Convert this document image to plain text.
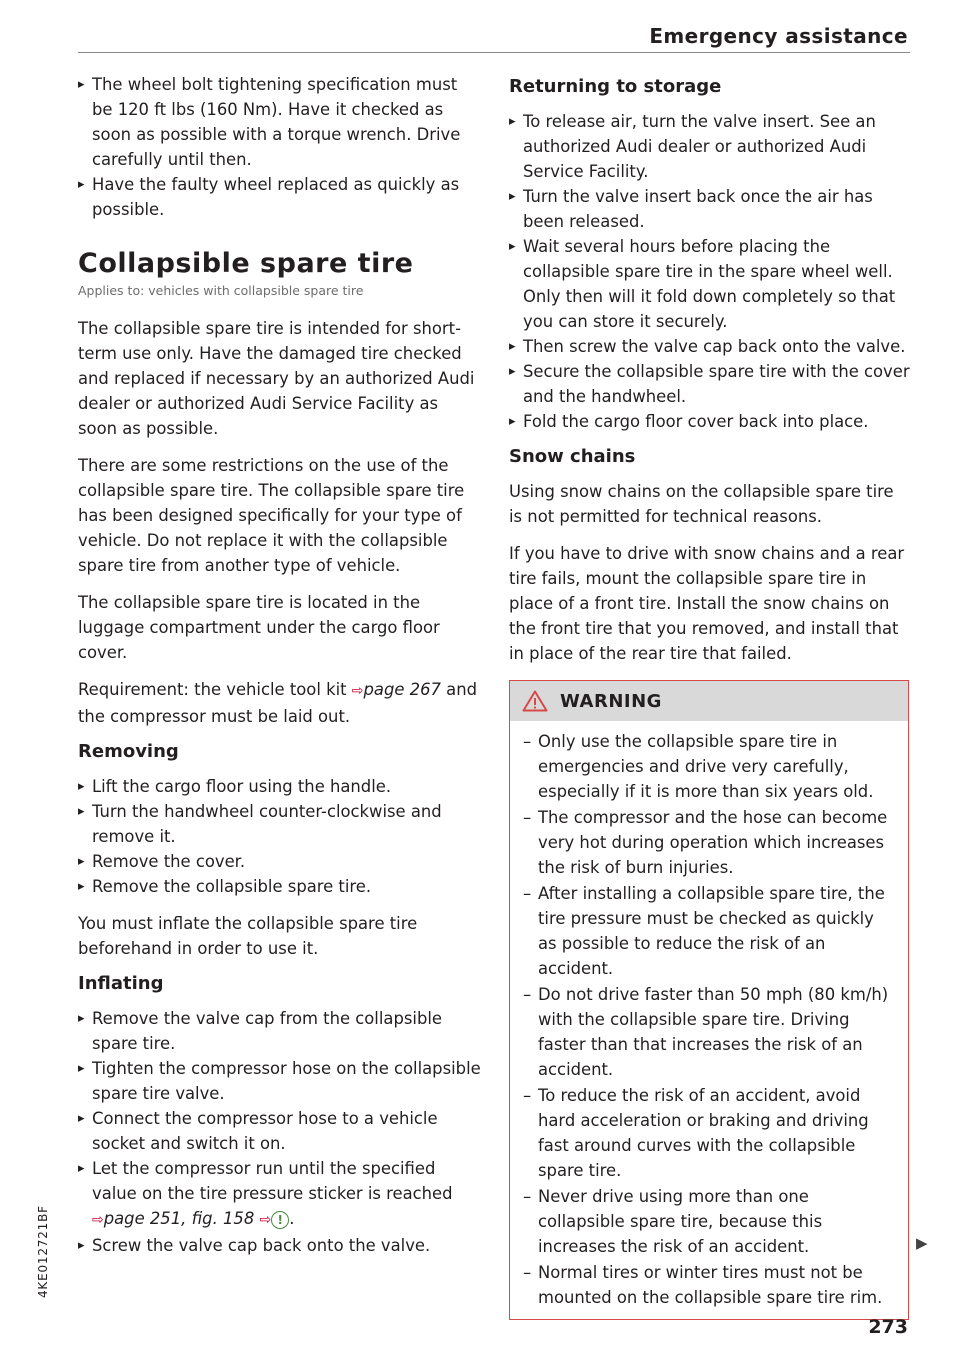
Emergency assistance
▸ The wheel bolt tightening specification must be 120 ft lbs (160 Nm). Have it checked as soon as possible with a torque wrench. Drive carefully until then.
▸ Have the faulty wheel replaced as quickly as possible.
Collapsible spare tire
Applies to: vehicles with collapsible spare tire

The collapsible spare tire is intended for short-term use only. Have the damaged tire checked and replaced if necessary by an authorized Audi dealer or authorized Audi Service Facility as soon as possible.

There are some restrictions on the use of the collapsible spare tire. The collapsible spare tire has been designed specifically for your type of vehicle. Do not replace it with the collapsible spare tire from another type of vehicle.

The collapsible spare tire is located in the luggage compartment under the cargo floor cover.

Requirement: the vehicle tool kit ⇨page 267 and the compressor must be laid out.

Removing
▸ Lift the cargo floor using the handle.
▸ Turn the handwheel counter-clockwise and remove it.
▸ Remove the cover.
▸ Remove the collapsible spare tire.

You must inflate the collapsible spare tire beforehand in order to use it.

Inflating
▸ Remove the valve cap from the collapsible spare tire.
▸ Tighten the compressor hose on the collapsible spare tire valve.
▸ Connect the compressor hose to a vehicle socket and switch it on.
▸ Let the compressor run until the specified value on the tire pressure sticker is reached
⇨page 251, fig. 158 ⇨ ! .
▸ Screw the valve cap back onto the valve.
Returning to storage
▸ To release air, turn the valve insert. See an authorized Audi dealer or authorized Audi Service Facility.
▸ Turn the valve insert back once the air has been released.
▸ Wait several hours before placing the collapsible spare tire in the spare wheel well. Only then will it fold down completely so that you can store it securely.
▸ Then screw the valve cap back onto the valve.
▸ Secure the collapsible spare tire with the cover and the handwheel.
▸ Fold the cargo floor cover back into place.
Snow chains

Using snow chains on the collapsible spare tire is not permitted for technical reasons.

If you have to drive with snow chains and a rear tire fails, mount the collapsible spare tire in place of a front tire. Install the snow chains on the front tire that you removed, and install that in place of the rear tire that failed.

WARNING
– Only use the collapsible spare tire in emergencies and drive very carefully, especially if it is more than six years old.
– The compressor and the hose can become very hot during operation which increases the risk of burn injuries.
– After installing a collapsible spare tire, the tire pressure must be checked as quickly as possible to reduce the risk of an accident.
– Do not drive faster than 50 mph (80 km/h) with the collapsible spare tire. Driving faster than that increases the risk of an accident.
– To reduce the risk of an accident, avoid hard acceleration or braking and driving fast around curves with the collapsible spare tire.
– Never drive using more than one collapsible spare tire, because this increases the risk of an accident.
– Normal tires or winter tires must not be mounted on the collapsible spare tire rim.
▶
4KE012721BF
273
